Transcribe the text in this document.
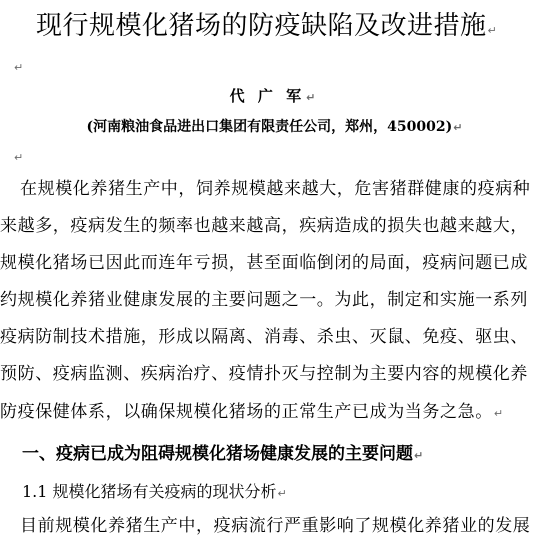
现行规模化猪场的防疫缺陷及改进措施↵
↵
代 广 军↵
(河南粮油食品进出口集团有限责任公司，郑州，450002)↵
↵
在规模化养猪生产中，饲养规模越来越大，危害猪群健康的疫病种
来越多，疫病发生的频率也越来越高，疾病造成的损失也越来越大，
规模化猪场已因此而连年亏损，甚至面临倒闭的局面，疫病问题已成
约规模化养猪业健康发展的主要问题之一。为此，制定和实施一系列
疫病防制技术措施，形成以隔离、消毒、杀虫、灭鼠、免疫、驱虫、
预防、疫病监测、疾病治疗、疫情扑灭与控制为主要内容的规模化养
防疫保健体系，以确保规模化猪场的正常生产已成为当务之急。↵
一、疫病已成为阻碍规模化猪场健康发展的主要问题↵
1.1 规模化猪场有关疫病的现状分析↵
目前规模化养猪生产中，疫病流行严重影响了规模化养猪业的发展
